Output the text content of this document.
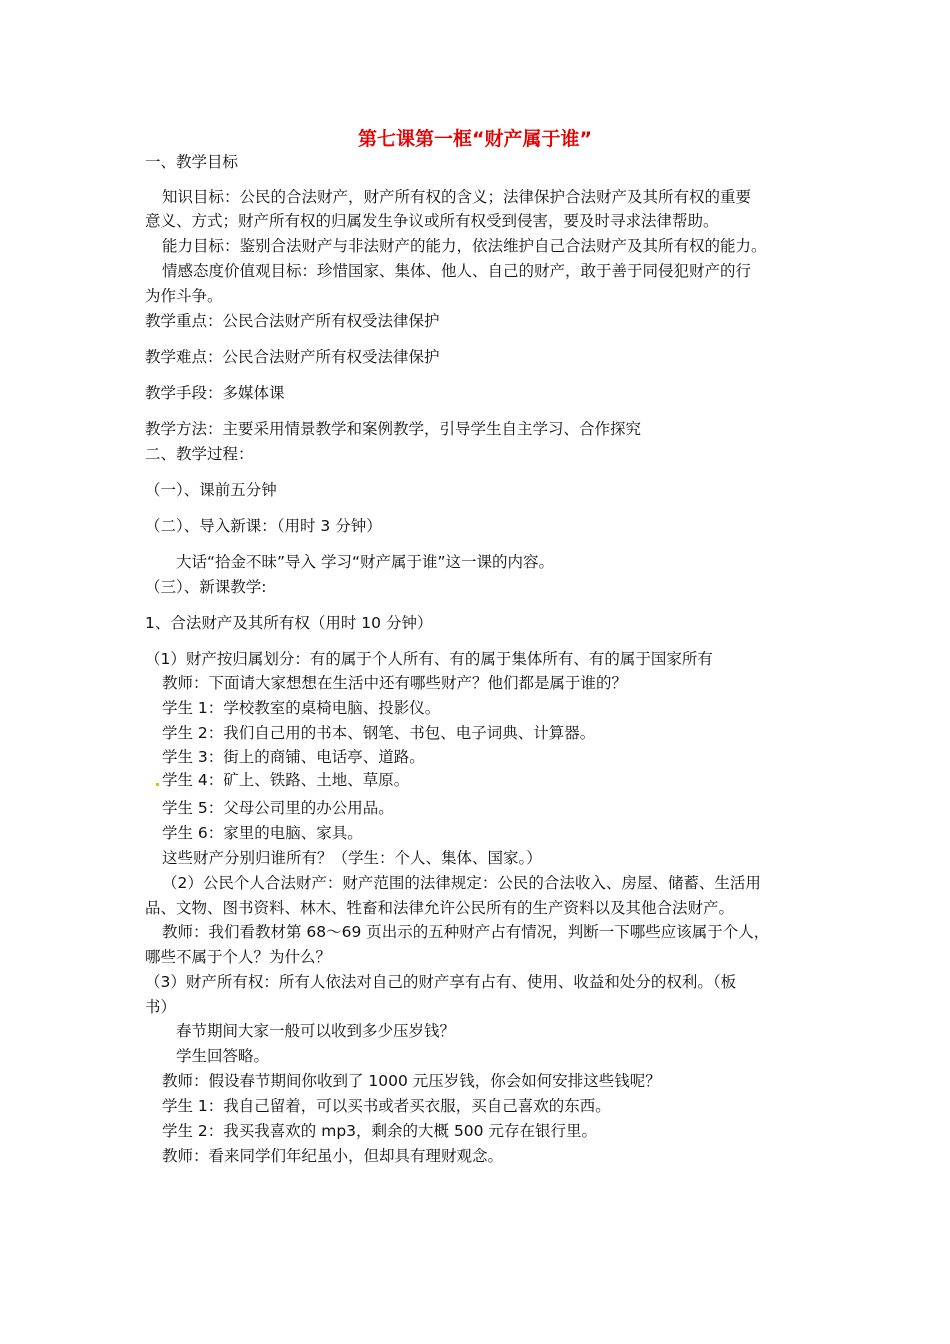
第七课第一框“财产属于谁”
一、教学目标
知识目标：公民的合法财产，财产所有权的含义；法律保护合法财产及其所有权的重要
意义、方式；财产所有权的归属发生争议或所有权受到侵害，要及时寻求法律帮助。
能力目标：鉴别合法财产与非法财产的能力，依法维护自己合法财产及其所有权的能力。
情感态度价值观目标：珍惜国家、集体、他人、自己的财产，敢于善于同侵犯财产的行
为作斗争。
教学重点：公民合法财产所有权受法律保护
教学难点：公民合法财产所有权受法律保护
教学手段：多媒体课
教学方法：主要采用情景教学和案例教学，引导学生自主学习、合作探究
二、教学过程：
（一）、课前五分钟
（二）、导入新课：（用时 3 分钟）
大话“拾金不昧”导入 学习“财产属于谁”这一课的内容。
（三）、新课教学:
1、合法财产及其所有权（用时 10 分钟）
（1）财产按归属划分：有的属于个人所有、有的属于集体所有、有的属于国家所有
教师：下面请大家想想在生活中还有哪些财产？他们都是属于谁的？
学生 1：学校教室的桌椅电脑、投影仪。
学生 2：我们自己用的书本、钢笔、书包、电子词典、计算器。
学生 3：街上的商铺、电话亭、道路。
学生 4：矿上、铁路、土地、草原。
学生 5：父母公司里的办公用品。
学生 6：家里的电脑、家具。
这些财产分别归谁所有？（学生：个人、集体、国家。）
（2）公民个人合法财产：财产范围的法律规定：公民的合法收入、房屋、储蓄、生活用
品、文物、图书资料、林木、牲畜和法律允许公民所有的生产资料以及其他合法财产。
教师：我们看教材第 68～69 页出示的五种财产占有情况，判断一下哪些应该属于个人，
哪些不属于个人？为什么？
（3）财产所有权：所有人依法对自己的财产享有占有、使用、收益和处分的权利。（板
书）
春节期间大家一般可以收到多少压岁钱？
学生回答略。
教师：假设春节期间你收到了 1000 元压岁钱，你会如何安排这些钱呢？
学生 1：我自己留着，可以买书或者买衣服，买自己喜欢的东西。
学生 2：我买我喜欢的 mp3，剩余的大概 500 元存在银行里。
教师：看来同学们年纪虽小，但却具有理财观念。
